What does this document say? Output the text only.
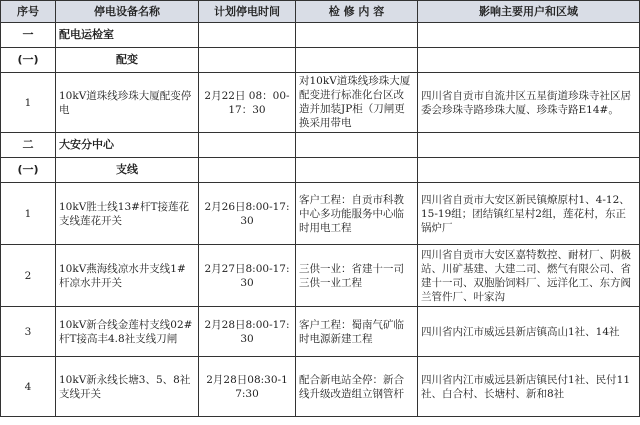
序号	停电设备名称	计划停电时间	检 修 内 容	影响主要用户和区域
一	配电运检室			
(一)	配变			
1	10kV道珠线珍珠大厦配变停电	2月22日 08：00-17：30	对10kV道珠线珍珠大厦配变进行标准化台区改造并加装JP柜（刀闸更换采用带电	四川省自贡市自流井区五星街道珍珠寺社区居委会珍珠寺路珍珠大厦、珍珠寺路E14#。
二	大安分中心			
(一)	支线			
1	10kV胜士线13#杆T接莲花支线莲花开关	2月26日8:00-17:30	客户工程：自贡市科教中心多功能服务中心临时用电工程	四川省自贡市大安区新民镇燎原村1、4-12、15-19组；团结镇红星村2组，莲花村，东正锅炉厂
2	10kV燕海线凉水井支线1#杆凉水井开关	2月27日8:00-17:30	三供一业：省建十一司三供一业工程	四川省自贡市大安区嘉特数控、耐材厂、阴极站、川矿基建、大建二司、燃气有限公司、省建十一司、双胞胎饲料厂、远洋化工、东方阀兰管件厂、叶家沟
3	10kV新合线金莲村支线02#杆T接高丰4.8社支线刀闸	2月28日8:00-17:30	客户工程：蜀南气矿临时电源新建工程	四川省内江市威远县新店镇高山1社、14社
4	10kV新永线长塘3、5、8社支线开关	2月28日08:30-17:30	配合新电站全停：新合线升级改造组立钢管杆	四川省内江市威远县新店镇民付1社、民付11社、白合村、长塘村、新和8社
